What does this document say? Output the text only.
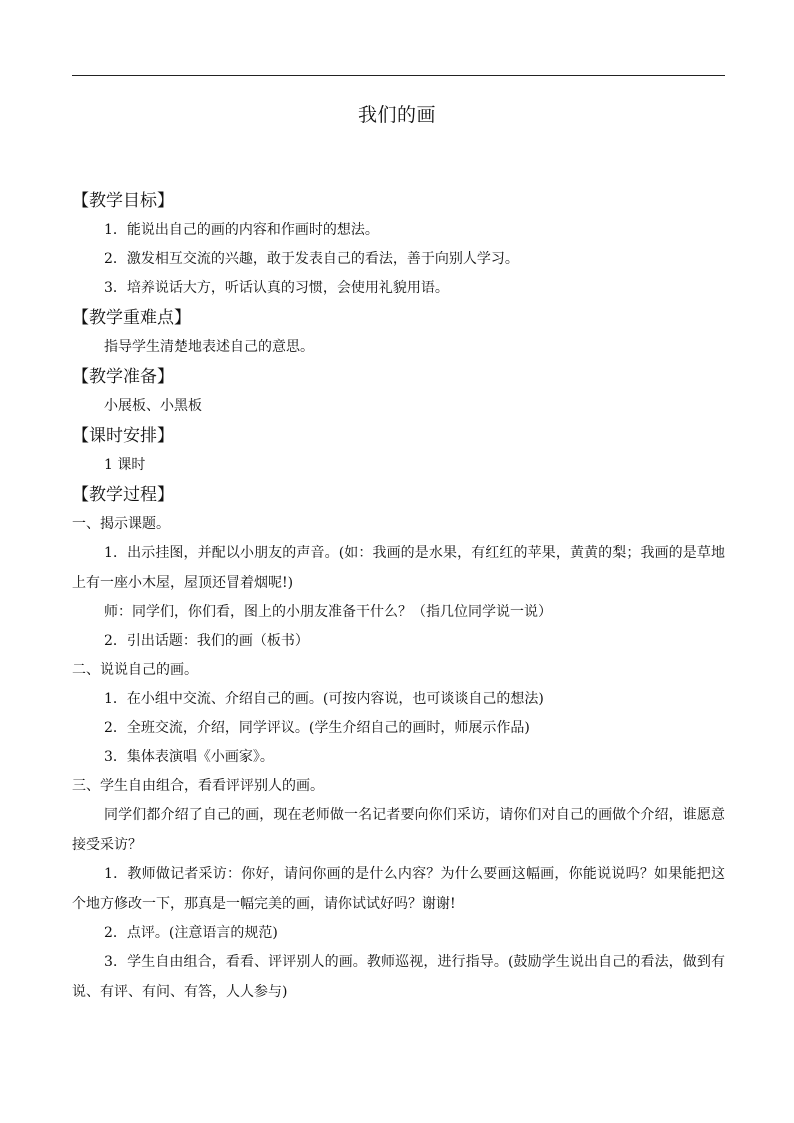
我们的画
【教学目标】
1．能说出自己的画的内容和作画时的想法。
2．激发相互交流的兴趣，敢于发表自己的看法，善于向别人学习。
3．培养说话大方，听话认真的习惯，会使用礼貌用语。
【教学重难点】
指导学生清楚地表述自己的意思。
【教学准备】
小展板、小黑板
【课时安排】
1 课时
【教学过程】
一、揭示课题。
1．出示挂图，并配以小朋友的声音。(如：我画的是水果，有红红的苹果，黄黄的梨；我画的是草地上有一座小木屋，屋顶还冒着烟呢!)
师：同学们，你们看，图上的小朋友准备干什么？（指几位同学说一说）
2．引出话题：我们的画（板书）
二、说说自己的画。
1．在小组中交流、介绍自己的画。(可按内容说，也可谈谈自己的想法)
2．全班交流，介绍，同学评议。(学生介绍自己的画时，师展示作品)
3．集体表演唱《小画家》。
三、学生自由组合，看看评评别人的画。
同学们都介绍了自己的画，现在老师做一名记者要向你们采访，请你们对自己的画做个介绍，谁愿意接受采访？
1．教师做记者采访：你好，请问你画的是什么内容？为什么要画这幅画，你能说说吗？如果能把这个地方修改一下，那真是一幅完美的画，请你试试好吗？谢谢!
2．点评。(注意语言的规范)
3．学生自由组合，看看、评评别人的画。教师巡视，进行指导。(鼓励学生说出自己的看法，做到有说、有评、有问、有答，人人参与)
